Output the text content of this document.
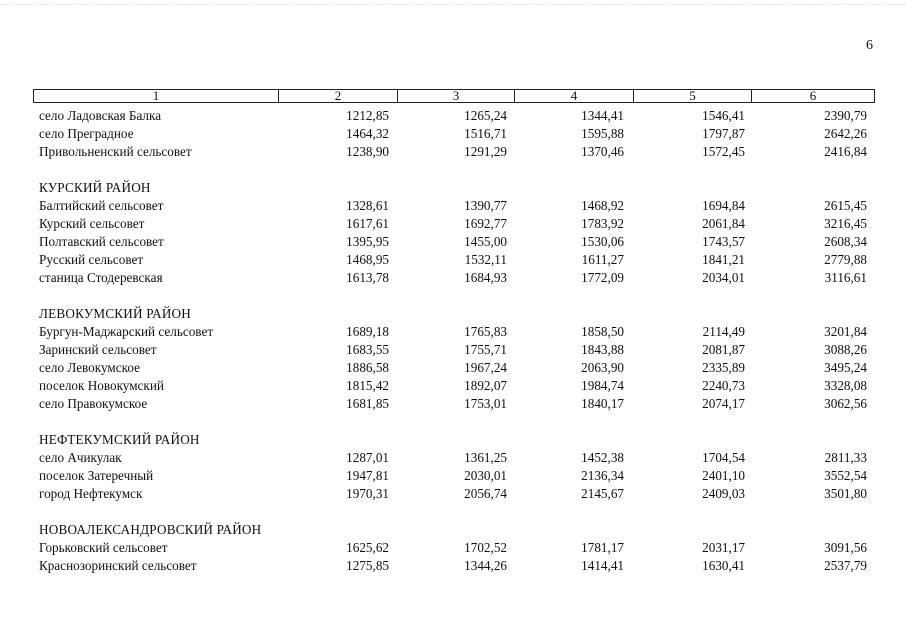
6
1	2	3	4	5	6
село Ладовская Балка	1212,85	1265,24	1344,41	1546,41	2390,79
село Преградное	1464,32	1516,71	1595,88	1797,87	2642,26
Привольненский сельсовет	1238,90	1291,29	1370,46	1572,45	2416,84
КУРСКИЙ РАЙОН
Балтийский сельсовет	1328,61	1390,77	1468,92	1694,84	2615,45
Курский сельсовет	1617,61	1692,77	1783,92	2061,84	3216,45
Полтавский сельсовет	1395,95	1455,00	1530,06	1743,57	2608,34
Русский сельсовет	1468,95	1532,11	1611,27	1841,21	2779,88
станица Стодеревская	1613,78	1684,93	1772,09	2034,01	3116,61
ЛЕВОКУМСКИЙ РАЙОН
Бургун-Маджарский сельсовет	1689,18	1765,83	1858,50	2114,49	3201,84
Заринский сельсовет	1683,55	1755,71	1843,88	2081,87	3088,26
село Левокумское	1886,58	1967,24	2063,90	2335,89	3495,24
поселок Новокумский	1815,42	1892,07	1984,74	2240,73	3328,08
село Правокумское	1681,85	1753,01	1840,17	2074,17	3062,56
НЕФТЕКУМСКИЙ РАЙОН
село Ачикулак	1287,01	1361,25	1452,38	1704,54	2811,33
поселок Затеречный	1947,81	2030,01	2136,34	2401,10	3552,54
город Нефтекумск	1970,31	2056,74	2145,67	2409,03	3501,80
НОВОАЛЕКСАНДРОВСКИЙ РАЙОН
Горьковский сельсовет	1625,62	1702,52	1781,17	2031,17	3091,56
Краснозоринский сельсовет	1275,85	1344,26	1414,41	1630,41	2537,79
